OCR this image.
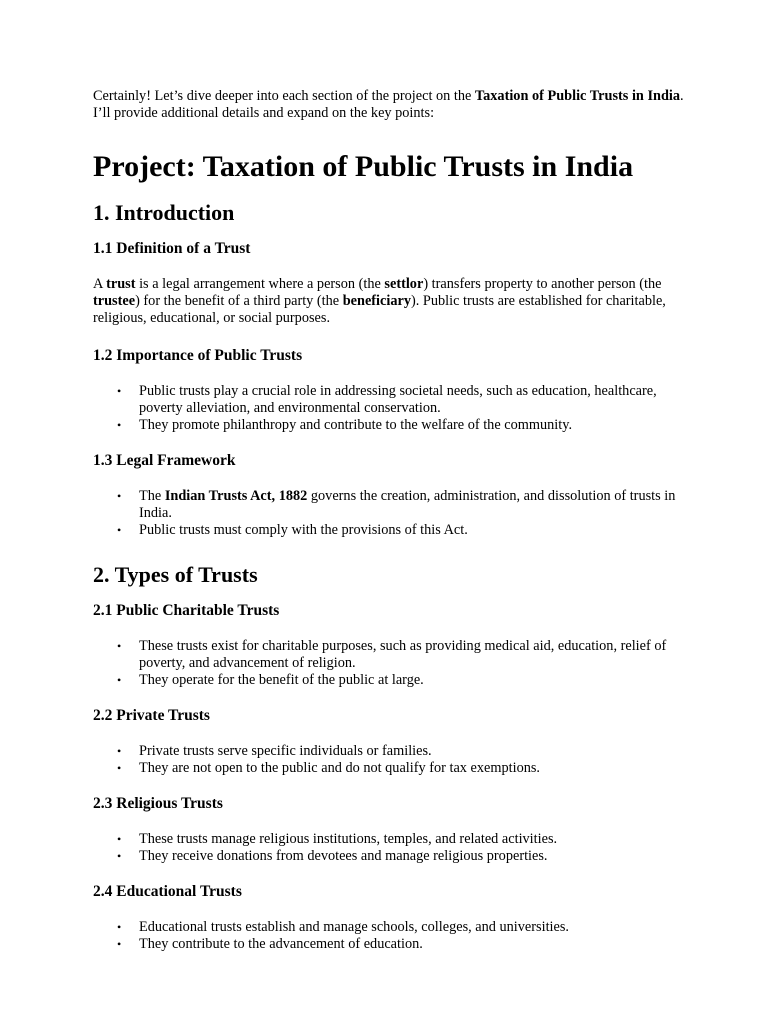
Certainly! Let’s dive deeper into each section of the project on the Taxation of Public Trusts in India. I’ll provide additional details and expand on the key points:

Project: Taxation of Public Trusts in India
1. Introduction
1.1 Definition of a Trust

A trust is a legal arrangement where a person (the settlor) transfers property to another person (the trustee) for the benefit of a third party (the beneficiary). Public trusts are established for charitable, religious, educational, or social purposes.

1.2 Importance of Public Trusts
• Public trusts play a crucial role in addressing societal needs, such as education, healthcare, poverty alleviation, and environmental conservation.
• They promote philanthropy and contribute to the welfare of the community.
1.3 Legal Framework
• The Indian Trusts Act, 1882 governs the creation, administration, and dissolution of trusts in India.
• Public trusts must comply with the provisions of this Act.
2. Types of Trusts
2.1 Public Charitable Trusts
• These trusts exist for charitable purposes, such as providing medical aid, education, relief of poverty, and advancement of religion.
• They operate for the benefit of the public at large.
2.2 Private Trusts
• Private trusts serve specific individuals or families.
• They are not open to the public and do not qualify for tax exemptions.
2.3 Religious Trusts
• These trusts manage religious institutions, temples, and related activities.
• They receive donations from devotees and manage religious properties.
2.4 Educational Trusts
• Educational trusts establish and manage schools, colleges, and universities.
• They contribute to the advancement of education.
